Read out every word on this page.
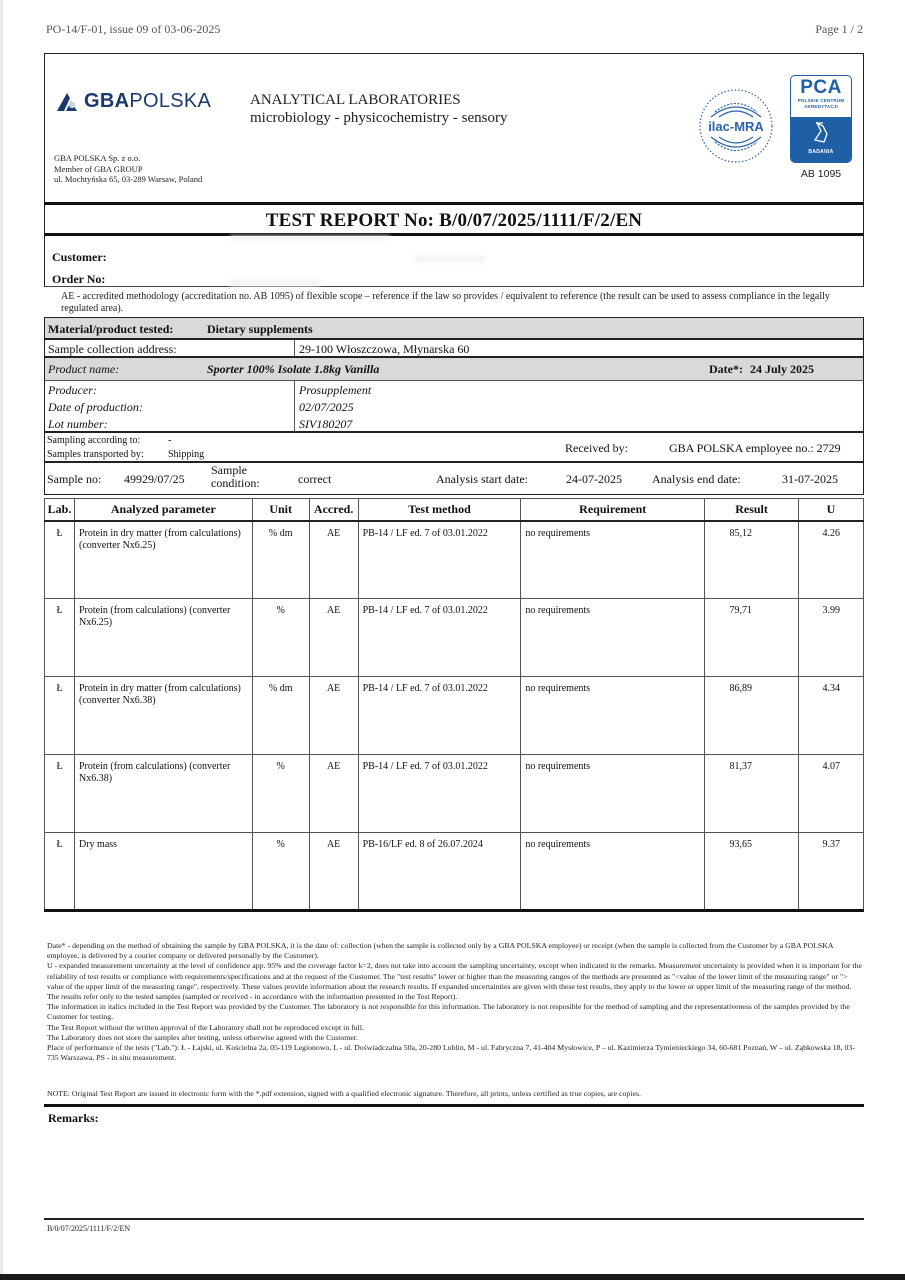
PO-14/F-01, issue 09 of 03-06-2025	Page 1 / 2
GBAPOLSKA	ANALYTICAL LABORATORIES
microbiology - physicochemistry - sensory
GBA POLSKA Sp. z o.o.
Member of GBA GROUP
ul. Mochtyńska 65, 03-289 Warsaw, Poland
ilac-MRA
PCA
POLSKIE CENTRUM
AKREDYTACJI
BADANIA
AB 1095
TEST REPORT No: B/0/07/2025/1111/F/2/EN
Customer:
Order No:
AE - accredited methodology (accreditation no. AB 1095) of flexible scope – reference if the law so provides / equivalent to reference (the result can be used to assess compliance in the legally regulated area).
Material/product tested:	Dietary supplements
Sample collection address:	29-100 Włoszczowa, Młynarska 60
Product name:	Sporter 100% Isolate 1.8kg Vanilla	Date*: 24 July 2025
Producer:	Prosupplement
Date of production:	02/07/2025
Lot number:	SIV180207
Sampling according to:	-
Samples transported by: Shipping	Received by:	GBA POLSKA employee no.: 2729
Sample no: 49929/07/25
Sample
condition:	correct	Analysis start date:	24-07-2025	Analysis end date:	31-07-2025
Lab.	Analyzed parameter	Unit	Accred.	Test method	Requirement	Result	U
Ł	Protein in dry matter (from calculations) (converter Nx6.25)	% dm	AE	PB-14 / LF ed. 7 of 03.01.2022	no requirements	85,12	4.26
Ł	Protein (from calculations) (converter Nx6.25)	%	AE	PB-14 / LF ed. 7 of 03.01.2022	no requirements	79,71	3.99
Ł	Protein in dry matter (from calculations) (converter Nx6.38)	% dm	AE	PB-14 / LF ed. 7 of 03.01.2022	no requirements	86,89	4.34
Ł	Protein (from calculations) (converter Nx6.38)	%	AE	PB-14 / LF ed. 7 of 03.01.2022	no requirements	81,37	4.07
Ł	Dry mass	%	AE	PB-16/LF ed. 8 of 26.07.2024	no requirements	93,65	9.37
Date* - depending on the method of obtaining the sample by GBA POLSKA, it is the date of: collection (when the sample is collected only by a GBA POLSKA employee) or receipt (when the sample is collected from the Customer by a GBA POLSKA employee, is delivered by a courier company or delivered personally by the Customer).
U - expanded measurement uncertainty at the level of confidence app. 95% and the coverage factor k=2, does not take into account the sampling uncertainty, except when indicated in the remarks. Measurement uncertainty is provided when it is important for the reliability of test results or compliance with requirements/specifications and at the request of the Customer. The "test results" lower or higher than the measuring ranges of the methods are presented as "<value of the lower limit of the measuring range" or "> value of the upper limit of the measuring range", respectively. These values provide information about the research results. If expanded uncertainties are given with these test results, they apply to the lower or upper limit of the measuring range of the method.
The results refer only to the tested samples (sampled or received - in accordance with the information presented in the Test Report).
The information in italics included in the Test Report was provided by the Customer. The laboratory is not responsible for this information. The laboratory is not resposible for the method of sampling and the representativeness of the samples provided by the Customer for testing.
The Test Report without the written approval of the Laboratory shall not be reproduced except in full.
The Laboratory does not store the samples after testing, unless otherwise agreed with the Customer.
Place of performance of the tests ("Lab."): Ł - Łajski, ul. Kościelna 2a, 05-119 Legionowo, L - ul. Doświadczalna 50a, 20-280 Lublin, M - ul. Fabryczna 7, 41-404 Mysłowice, P – ul. Kazimierza Tymienieckiego 34, 60-681 Poznań, W – ul. Ząbkowska 18, 03-735 Warszawa, PS - in situ measurement.
NOTE: Original Test Report are issued in electronic form with the *.pdf extension, signed with a qualified electronic signature. Therefore, all prints, unless certified as true copies, are copies.
Remarks:
B/0/07/2025/1111/F/2/EN
